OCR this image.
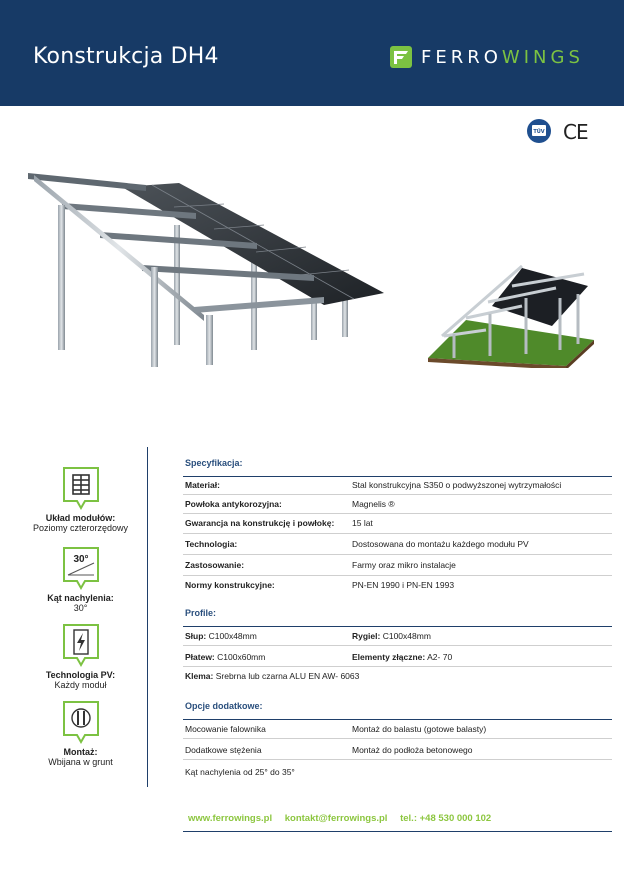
Konstrukcja DH4	FERROWINGS
TÜV CE
Układ modułów:
Poziomy czterorzędowy
30°
Kąt nachylenia:
30°
Technologia PV:
Każdy moduł
Montaż:
Wbijana w grunt
Specyfikacja:
Materiał:	Stal konstrukcyjna S350 o podwyższonej wytrzymałości
Powłoka antykorozyjna:	Magnelis ®
Gwarancja na konstrukcję i powłokę: 15 lat
Technologia:	Dostosowana do montażu każdego modułu PV
Zastosowanie:	Farmy oraz mikro instalacje
Normy konstrukcyjne:	PN-EN 1990 i PN-EN 1993
Profile:
Słup: C100x48mm	Rygiel: C100x48mm
Płatew: C100x60mm	Elementy złączne: A2- 70
Klema: Srebrna lub czarna ALU EN AW- 6063
Opcje dodatkowe:
Mocowanie falownika	Montaż do balastu (gotowe balasty)
Dodatkowe stężenia	Montaż do podłoża betonowego
Kąt nachylenia od 25° do 35°
www.ferrowings.pl kontakt@ferrowings.pl tel.: +48 530 000 102
